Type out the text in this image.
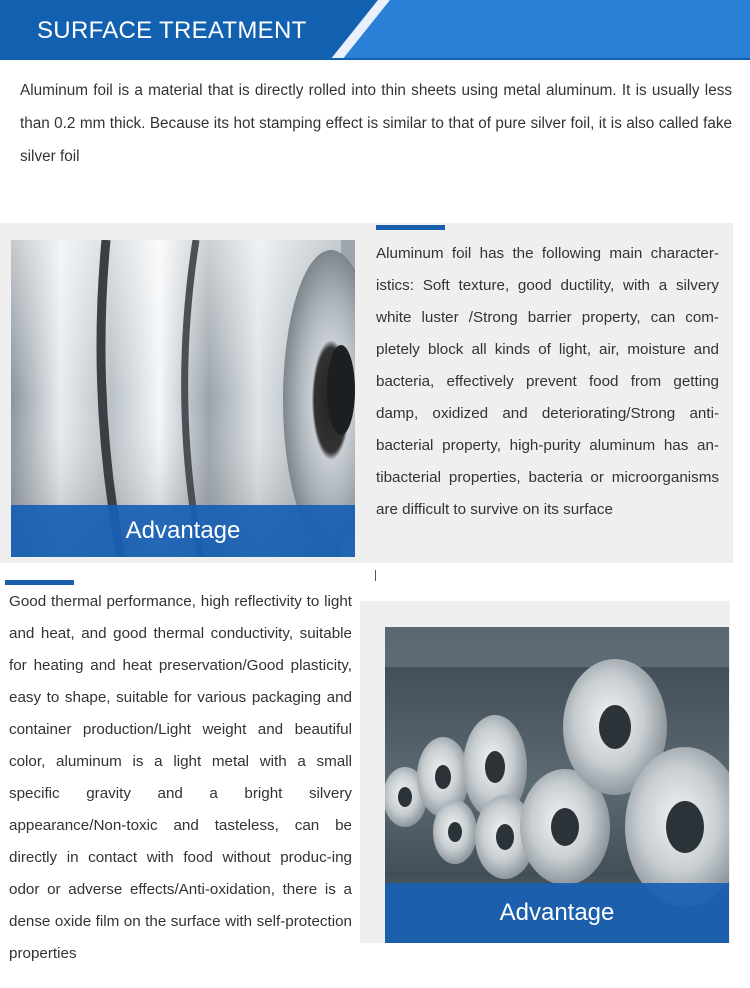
SURFACE TREATMENT

Aluminum foil is a material that is directly rolled into thin sheets using metal aluminum. It is usually less than 0.2 mm thick. Because its hot stamping effect is similar to that of pure silver foil, it is also called fake silver foil

Advantage

Aluminum foil has the following main character-istics: Soft texture, good ductility, with a silvery white luster /Strong barrier property, can com-pletely block all kinds of light, air, moisture and bacteria, effectively prevent food from getting damp, oxidized and deteriorating/Strong anti-bacterial property, high-purity aluminum has an-tibacterial properties, bacteria or microorganisms are difficult to survive on its surface

Good thermal performance, high reflectivity to light and heat, and good thermal conductivity, suitable for heating and heat preservation/Good plasticity, easy to shape, suitable for various packaging and container production/Light weight and beautiful color, aluminum is a light metal with a small specific gravity and a bright silvery appearance/Non-toxic and tasteless, can be directly in contact with food without produc-ing odor or adverse effects/Anti-oxidation, there is a dense oxide film on the surface with self-protection properties

Advantage
